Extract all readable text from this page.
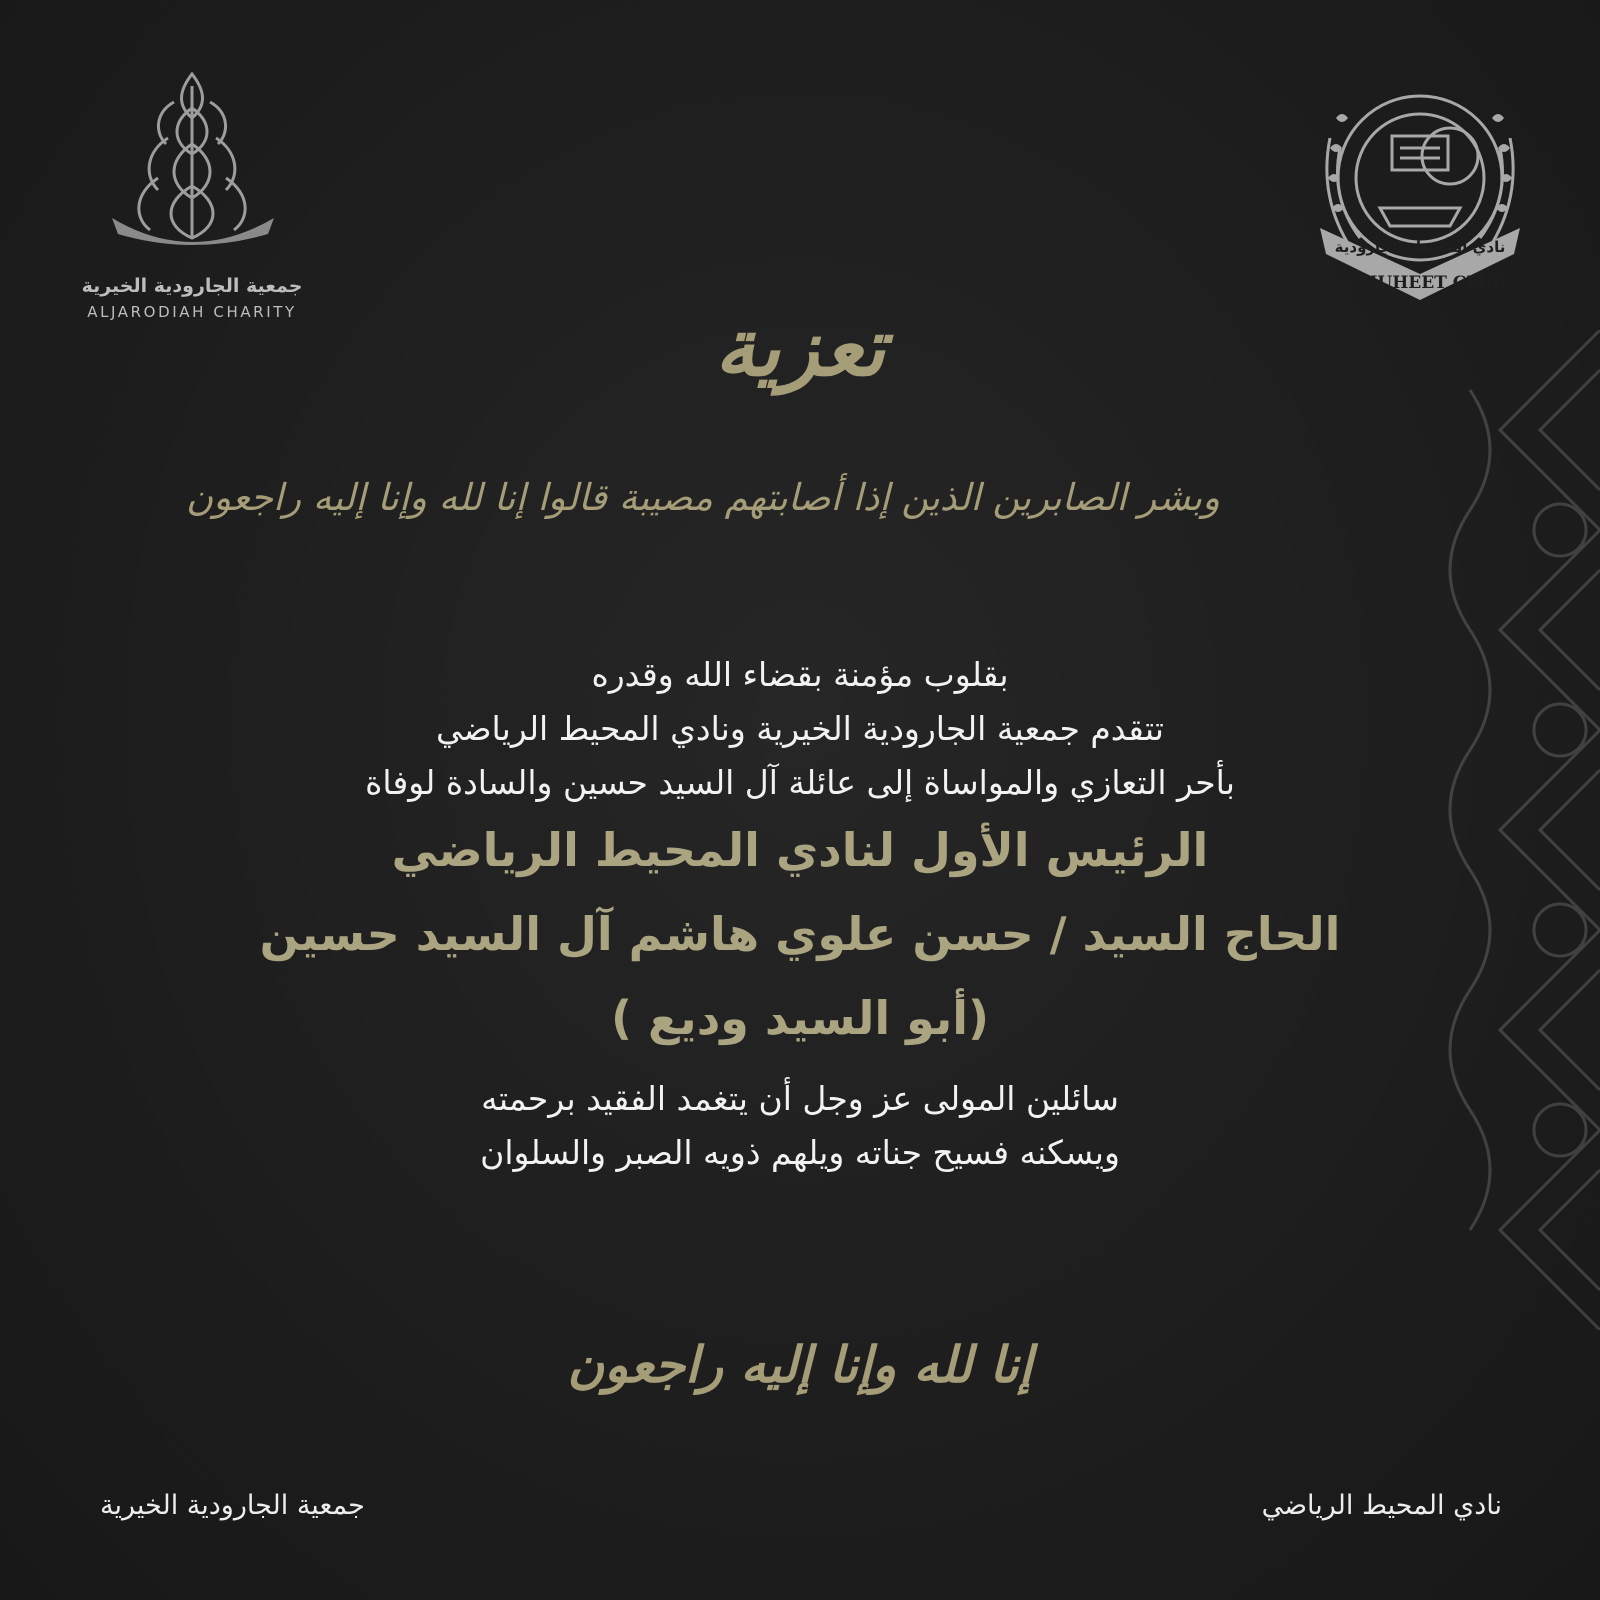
جمعية الجارودية الخيرية
ALJARODIAH CHARITY
نادي المحيط بالجارودية
ALMUHEET CLUB
تعزية
وبشر الصابرين الذين إذا أصابتهم مصيبة قالوا إنا لله وإنا إليه راجعون
بقلوب مؤمنة بقضاء الله وقدره
تتقدم جمعية الجارودية الخيرية ونادي المحيط الرياضي
بأحر التعازي والمواساة إلى عائلة آل السيد حسين والسادة لوفاة
الرئيس الأول لنادي المحيط الرياضي
الحاج السيد / حسن علوي هاشم آل السيد حسين
(أبو السيد وديع )
سائلين المولى عز وجل أن يتغمد الفقيد برحمته
ويسكنه فسيح جناته ويلهم ذويه الصبر والسلوان
إنا لله وإنا إليه راجعون
جمعية الجارودية الخيرية	نادي المحيط الرياضي
